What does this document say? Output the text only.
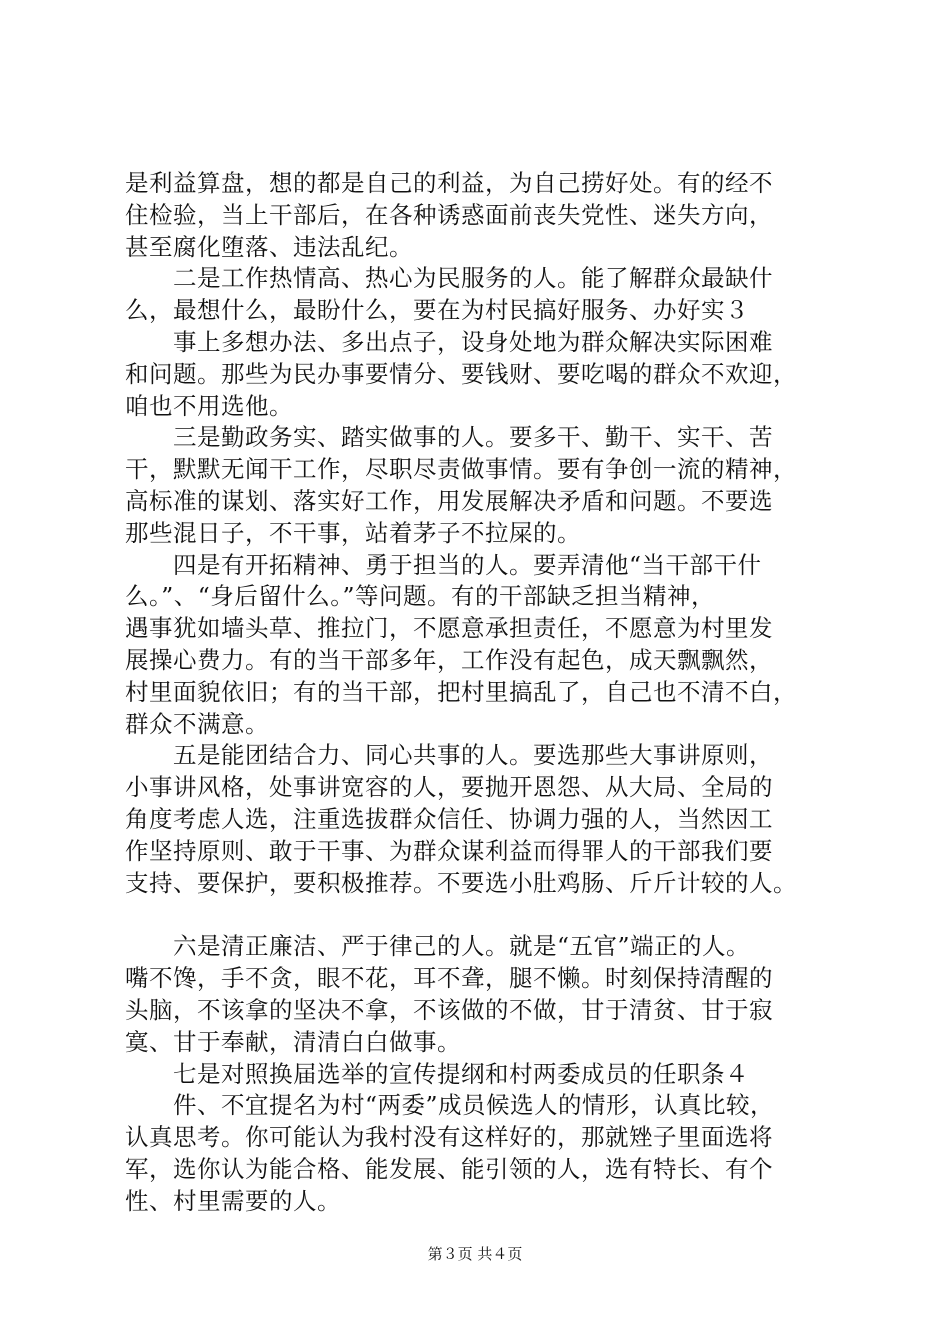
是利益算盘，想的都是自己的利益，为自己捞好处。有的经不
住检验，当上干部后，在各种诱惑面前丧失党性、迷失方向，
甚至腐化堕落、违法乱纪。
二是工作热情高、热心为民服务的人。能了解群众最缺什
么，最想什么，最盼什么，要在为村民搞好服务、办好实３
事上多想办法、多出点子，设身处地为群众解决实际困难
和问题。那些为民办事要情分、要钱财、要吃喝的群众不欢迎，
咱也不用选他。
三是勤政务实、踏实做事的人。要多干、勤干、实干、苦
干，默默无闻干工作，尽职尽责做事情。要有争创一流的精神，
高标准的谋划、落实好工作，用发展解决矛盾和问题。不要选
那些混日子，不干事，站着茅子不拉屎的。
四是有开拓精神、勇于担当的人。要弄清他“当干部干什
么。”、“身后留什么。”等问题。有的干部缺乏担当精神，
遇事犹如墙头草、推拉门，不愿意承担责任，不愿意为村里发
展操心费力。有的当干部多年，工作没有起色，成天飘飘然，
村里面貌依旧；有的当干部，把村里搞乱了，自己也不清不白，
群众不满意。
五是能团结合力、同心共事的人。要选那些大事讲原则，
小事讲风格，处事讲宽容的人，要抛开恩怨、从大局、全局的
角度考虑人选，注重选拔群众信任、协调力强的人，当然因工
作坚持原则、敢于干事、为群众谋利益而得罪人的干部我们要
支持、要保护，要积极推荐。不要选小肚鸡肠、斤斤计较的人。
六是清正廉洁、严于律己的人。就是“五官”端正的人。
嘴不馋，手不贪，眼不花，耳不聋，腿不懒。时刻保持清醒的
头脑，不该拿的坚决不拿，不该做的不做，甘于清贫、甘于寂
寞、甘于奉献，清清白白做事。
七是对照换届选举的宣传提纲和村两委成员的任职条４
件、不宜提名为村“两委”成员候选人的情形，认真比较，
认真思考。你可能认为我村没有这样好的，那就矬子里面选将
军，选你认为能合格、能发展、能引领的人，选有特长、有个
性、村里需要的人。
第３页 共４页
